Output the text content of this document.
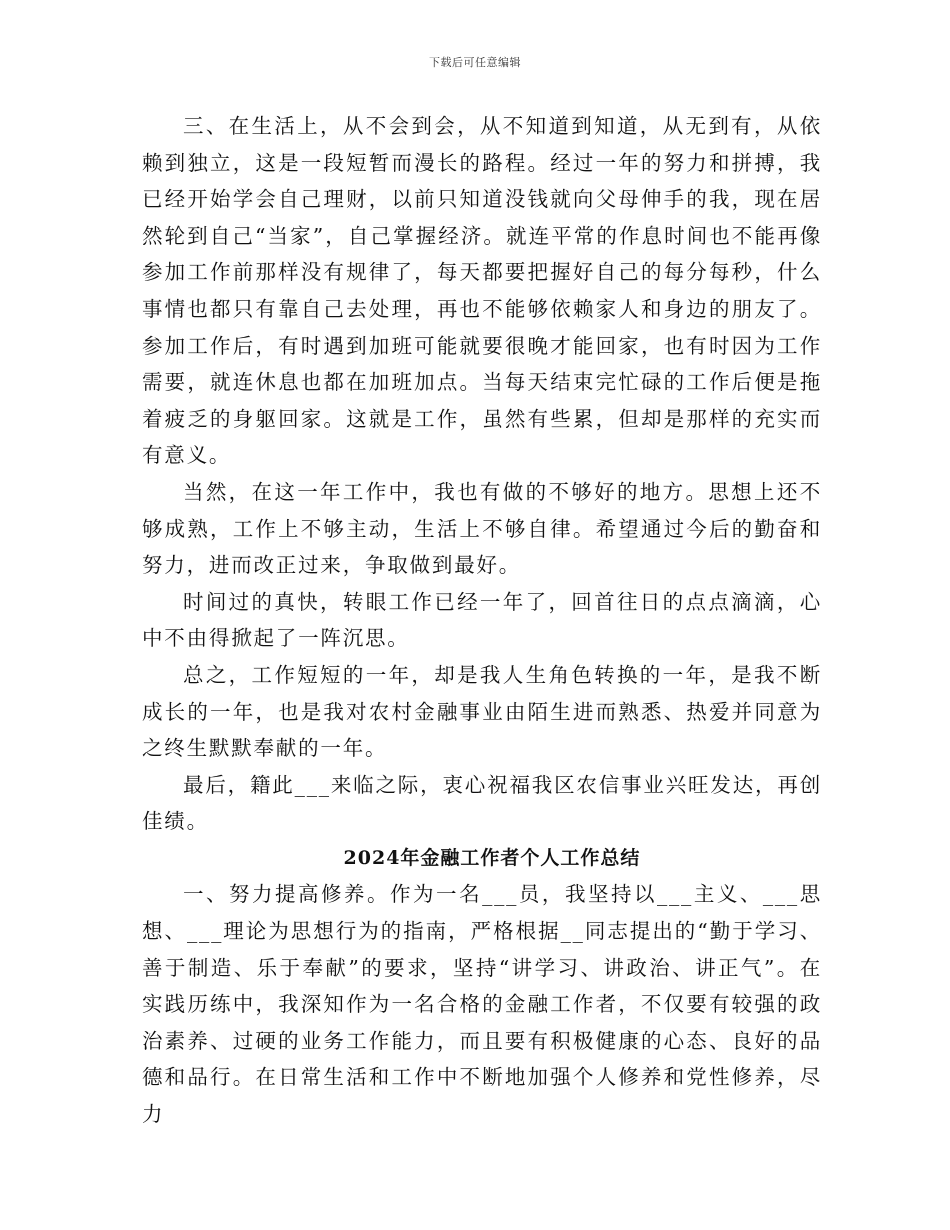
下载后可任意编辑

三、在生活上，从不会到会，从不知道到知道，从无到有，从依赖到独立，这是一段短暂而漫长的路程。经过一年的努力和拼搏，我已经开始学会自己理财，以前只知道没钱就向父母伸手的我，现在居然轮到自己“当家”，自己掌握经济。就连平常的作息时间也不能再像参加工作前那样没有规律了，每天都要把握好自己的每分每秒，什么事情也都只有靠自己去处理，再也不能够依赖家人和身边的朋友了。参加工作后，有时遇到加班可能就要很晚才能回家，也有时因为工作需要，就连休息也都在加班加点。当每天结束完忙碌的工作后便是拖着疲乏的身躯回家。这就是工作，虽然有些累，但却是那样的充实而有意义。

当然，在这一年工作中，我也有做的不够好的地方。思想上还不够成熟，工作上不够主动，生活上不够自律。希望通过今后的勤奋和努力，进而改正过来，争取做到最好。

时间过的真快，转眼工作已经一年了，回首往日的点点滴滴，心中不由得掀起了一阵沉思。

总之，工作短短的一年，却是我人生角色转换的一年，是我不断成长的一年，也是我对农村金融事业由陌生进而熟悉、热爱并同意为之终生默默奉献的一年。

最后，籍此___来临之际，衷心祝福我区农信事业兴旺发达，再创佳绩。

2024年金融工作者个人工作总结

一、努力提高修养。作为一名___员，我坚持以___主义、___思想、___理论为思想行为的指南，严格根据__同志提出的“勤于学习、善于制造、乐于奉献”的要求，坚持“讲学习、讲政治、讲正气”。在实践历练中，我深知作为一名合格的金融工作者，不仅要有较强的政治素养、过硬的业务工作能力，而且要有积极健康的心态、良好的品德和品行。在日常生活和工作中不断地加强个人修养和党性修养，尽力
